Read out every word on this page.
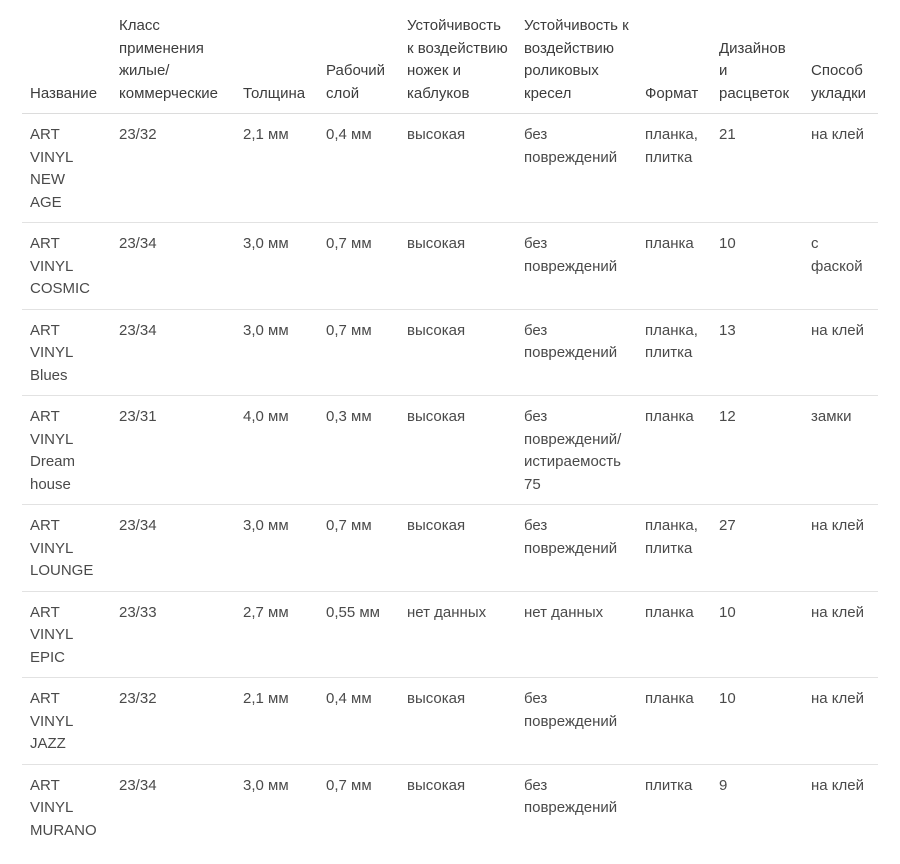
Название	Класс применения жилые/ коммерческие	Толщина	Рабочий слой	Устойчивость к воздействию ножек и каблуков	Устойчивость к воздействию роликовых кресел	Формат	Дизайнов и расцветок	Способ укладки
ART VINYL NEW AGE	23/32	2,1 мм	0,4 мм	высокая	без повреждений	планка, плитка	21	на клей
ART VINYL COSMIC	23/34	3,0 мм	0,7 мм	высокая	без повреждений	планка	10	с фаской
ART VINYL Blues	23/34	3,0 мм	0,7 мм	высокая	без повреждений	планка, плитка	13	на клей
ART VINYL Dream house	23/31	4,0 мм	0,3 мм	высокая	без повреждений/ истираемость 75	планка	12	замки
ART VINYL LOUNGE	23/34	3,0 мм	0,7 мм	высокая	без повреждений	планка, плитка	27	на клей
ART VINYL EPIC	23/33	2,7 мм	0,55 мм	нет данных	нет данных	планка	10	на клей
ART VINYL JAZZ	23/32	2,1 мм	0,4 мм	высокая	без повреждений	планка	10	на клей
ART VINYL MURANO	23/34	3,0 мм	0,7 мм	высокая	без повреждений	плитка	9	на клей
